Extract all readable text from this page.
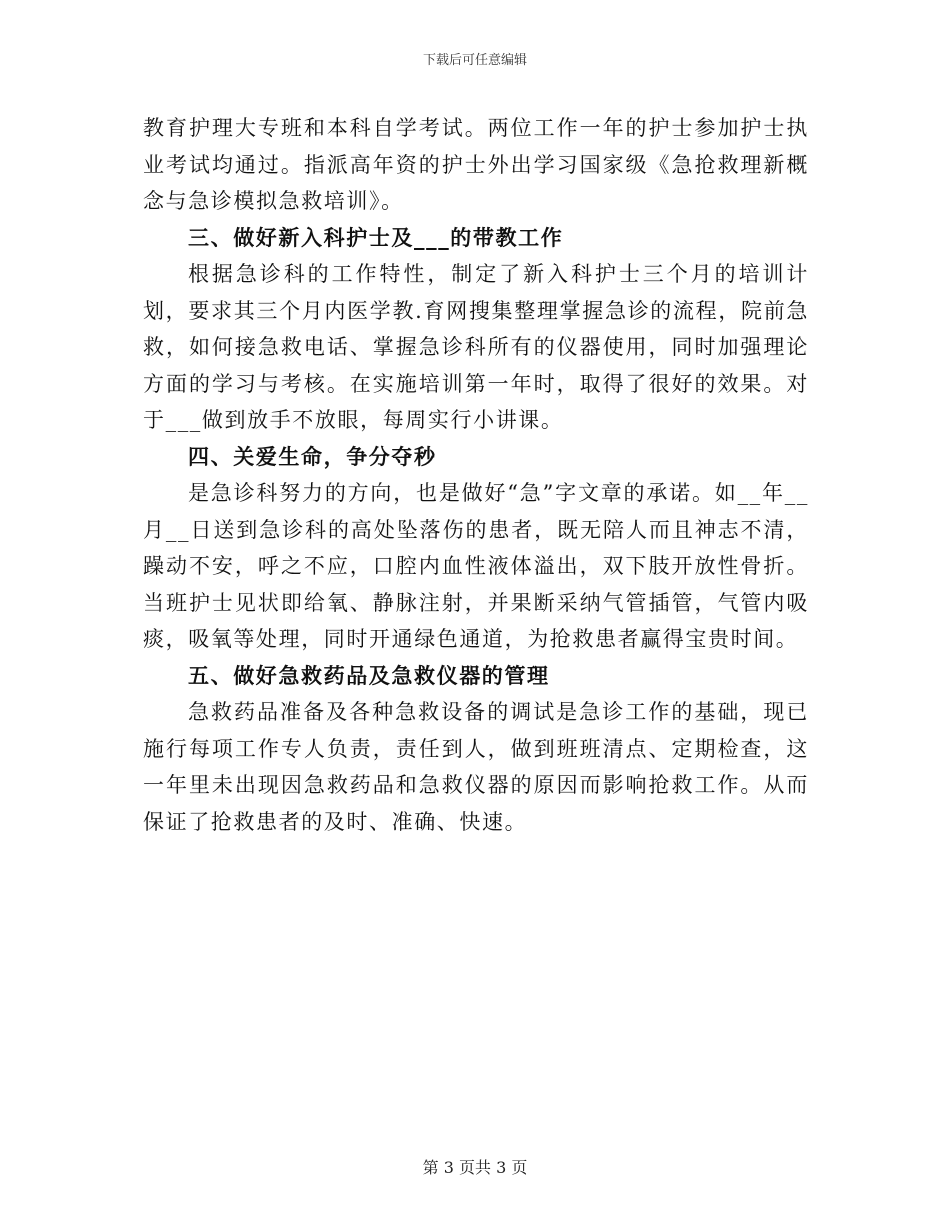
下载后可任意编辑

教育护理大专班和本科自学考试。两位工作一年的护士参加护士执业考试均通过。指派高年资的护士外出学习国家级《急抢救理新概念与急诊模拟急救培训》。

三、做好新入科护士及___的带教工作

根据急诊科的工作特性，制定了新入科护士三个月的培训计划，要求其三个月内医学教.育网搜集整理掌握急诊的流程，院前急救，如何接急救电话、掌握急诊科所有的仪器使用，同时加强理论方面的学习与考核。在实施培训第一年时，取得了很好的效果。对于___做到放手不放眼，每周实行小讲课。

四、关爱生命，争分夺秒

是急诊科努力的方向，也是做好“急”字文章的承诺。如__年__月__日送到急诊科的高处坠落伤的患者，既无陪人而且神志不清，躁动不安，呼之不应，口腔内血性液体溢出，双下肢开放性骨折。当班护士见状即给氧、静脉注射，并果断采纳气管插管，气管内吸痰，吸氧等处理，同时开通绿色通道，为抢救患者赢得宝贵时间。

五、做好急救药品及急救仪器的管理

急救药品准备及各种急救设备的调试是急诊工作的基础，现已施行每项工作专人负责，责任到人，做到班班清点、定期检查，这一年里未出现因急救药品和急救仪器的原因而影响抢救工作。从而保证了抢救患者的及时、准确、快速。

第 3 页共 3 页
